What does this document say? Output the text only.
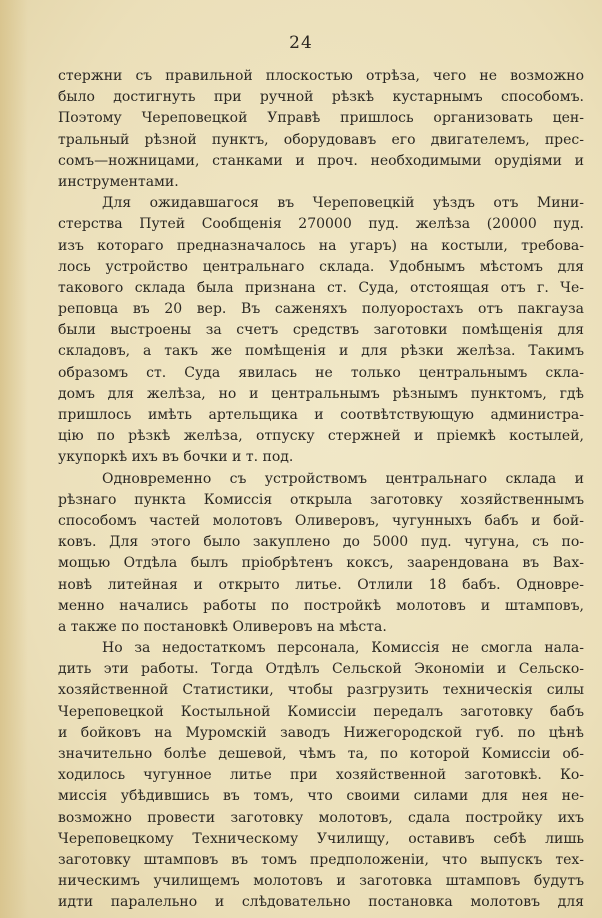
24
стержни съ правильной плоскостью отрѣза, чего не возможно
было достигнуть при ручной рѣзкѣ кустарнымъ способомъ.
Поэтому Череповецкой Управѣ пришлось организовать цен-
тральный рѣзной пунктъ, оборудовавъ его двигателемъ, прес-
сомъ—ножницами, станками и проч. необходимыми орудіями и
инструментами.
Для ожидавшагося въ Череповецкій уѣздъ отъ Мини-
стерства Путей Сообщенія 270000 пуд. желѣза (20000 пуд.
изъ котораго предназначалось на угаръ) на костыли, требова-
лось устройство центральнаго склада. Удобнымъ мѣстомъ для
такового склада была признана ст. Суда, отстоящая отъ г. Че-
реповца въ 20 вер. Въ саженяхъ полуоростахъ отъ пакгауза
были выстроены за счетъ средствъ заготовки помѣщенія для
складовъ, а такъ же помѣщенія и для рѣзки желѣза. Такимъ
образомъ ст. Суда явилась не только центральнымъ скла-
домъ для желѣза, но и центральнымъ рѣзнымъ пунктомъ, гдѣ
пришлось имѣть артельщика и соотвѣтствующую администра-
цію по рѣзкѣ желѣза, отпуску стержней и пріемкѣ костылей,
укупоркѣ ихъ въ бочки и т. под.
Одновременно съ устройствомъ центральнаго склада и
рѣзнаго пункта Комиссія открыла заготовку хозяйственнымъ
способомъ частей молотовъ Оливеровъ, чугунныхъ бабъ и бой-
ковъ. Для этого было закуплено до 5000 пуд. чугуна, съ по-
мощью Отдѣла былъ пріобрѣтенъ коксъ, заарендована въ Вах-
новѣ литейная и открыто литье. Отлили 18 бабъ. Одновре-
менно начались работы по постройкѣ молотовъ и штамповъ,
а также по постановкѣ Оливеровъ на мѣста.
Но за недостаткомъ персонала, Комиссія не смогла нала-
дить эти работы. Тогда Отдѣлъ Сельской Экономіи и Сельско-
хозяйственной Статистики, чтобы разгрузить техническія силы
Череповецкой Костыльной Комиссіи передалъ заготовку бабъ
и бойковъ на Муромскій заводъ Нижегородской губ. по цѣнѣ
значительно болѣе дешевой, чѣмъ та, по которой Комиссіи об-
ходилось чугунное литье при хозяйственной заготовкѣ. Ко-
миссія убѣдившись въ томъ, что своими силами для нея не-
возможно провести заготовку молотовъ, сдала постройку ихъ
Череповецкому Техническому Училищу, оставивъ себѣ лишь
заготовку штамповъ въ томъ предположеніи, что выпускъ тех-
ническимъ училищемъ молотовъ и заготовка штамповъ будутъ
идти паралельно и слѣдовательно постановка молотовъ для
